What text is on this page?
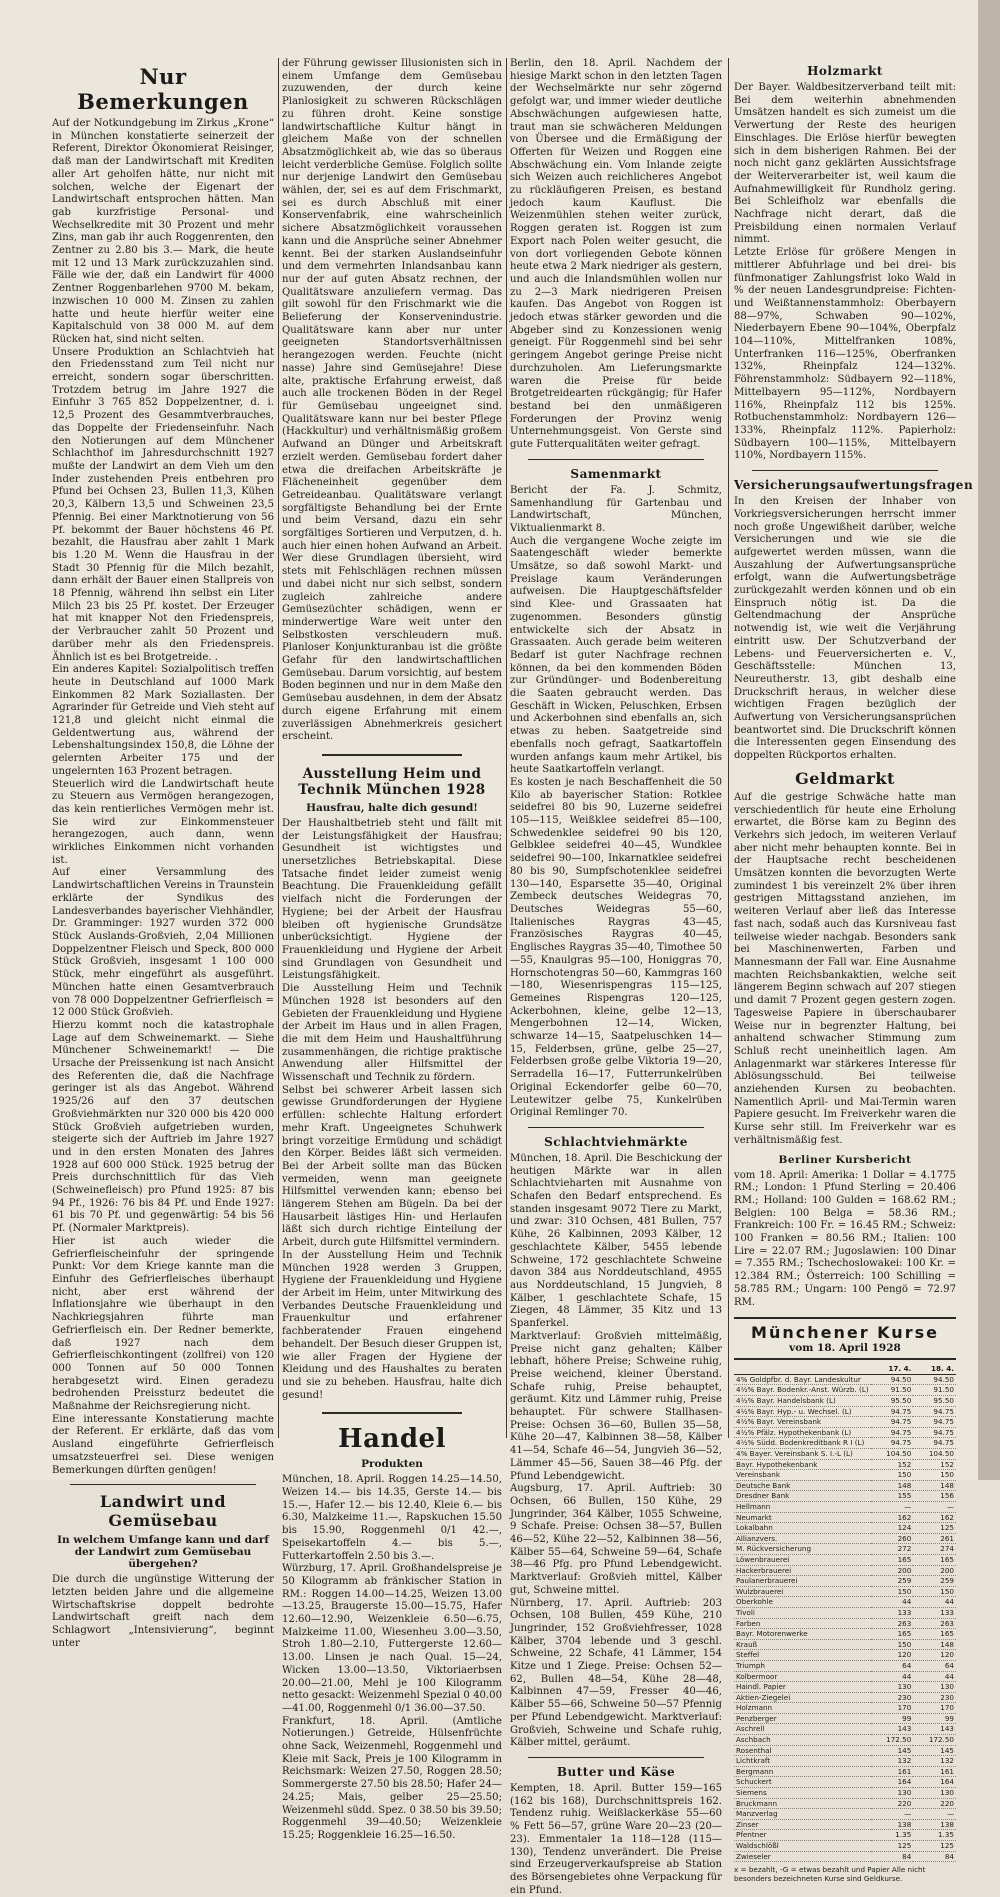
Nur Bemerkungen
Auf der Notkundgebung im Zirkus „Krone“ in München konstatierte seinerzeit der Referent, Direktor Ökonomierat Reisinger, daß man der Landwirtschaft mit Krediten aller Art geholfen hätte, nur nicht mit solchen, welche der Eigenart der Landwirtschaft entsprochen hätten. Man gab kurzfristige Personal- und Wechselkredite mit 30 Prozent und mehr Zins, man gab ihr auch Roggenrenten, den Zentner zu 2.80 bis 3.— Mark, die heute mit 12 und 13 Mark zurückzuzahlen sind. Fälle wie der, daß ein Landwirt für 4000 Zentner Roggenbarlehen 9700 M. bekam, inzwischen 10 000 M. Zinsen zu zahlen hatte und heute hierfür weiter eine Kapitalschuld von 38 000 M. auf dem Rücken hat, sind nicht selten.
Unsere Produktion an Schlachtvieh hat den Friedensstand zum Teil nicht nur erreicht, sondern sogar überschritten. Trotzdem betrug im Jahre 1927 die Einfuhr 3 765 852 Doppelzentner, d. i. 12,5 Prozent des Gesammtverbrauches, das Doppelte der Friedenseinfuhr. Nach den Notierungen auf dem Münchener Schlachthof im Jahresdurchschnitt 1927 mußte der Landwirt an dem Vieh um den Inder zustehenden Preis entbehren pro Pfund bei Ochsen 23, Bullen 11,3, Kühen 20,3, Kälbern 13,5 und Schweinen 23,5 Pfennig. Bei einer Marktnotierung von 56 Pf. bekommt der Bauer höchstens 46 Pf. bezahlt, die Hausfrau aber zahlt 1 Mark bis 1.20 M. Wenn die Hausfrau in der Stadt 30 Pfennig für die Milch bezahlt, dann erhält der Bauer einen Stallpreis von 18 Pfennig, während ihn selbst ein Liter Milch 23 bis 25 Pf. kostet. Der Erzeuger hat mit knapper Not den Friedenspreis, der Verbraucher zahlt 50 Prozent und darüber mehr als den Friedenspreis. Ähnlich ist es bei Brotgetreide. .
Ein anderes Kapitel: Sozialpolitisch treffen heute in Deutschland auf 1000 Mark Einkommen 82 Mark Soziallasten. Der Agrarinder für Getreide und Vieh steht auf 121,8 und gleicht nicht einmal die Geldentwertung aus, während der Lebenshaltungsindex 150,8, die Löhne der gelernten Arbeiter 175 und der ungelernten 163 Prozent betragen.
Steuerlich wird die Landwirtschaft heute zu Steuern aus Vermögen herangezogen, das kein rentierliches Vermögen mehr ist. Sie wird zur Einkommensteuer herangezogen, auch dann, wenn wirkliches Einkommen nicht vorhanden ist.
Auf einer Versammlung des Landwirtschaftlichen Vereins in Traunstein erklärte der Syndikus des Landesverbandes bayerischer Viehhändler, Dr. Gramminger: 1927 wurden 372 000 Stück Auslands-Großvieh, 2,04 Millionen Doppelzentner Fleisch und Speck, 800 000 Stück Großvieh, insgesamt 1 100 000 Stück, mehr eingeführt als ausgeführt. München hatte einen Gesamtverbrauch von 78 000 Doppelzentner Gefrierfleisch = 12 000 Stück Großvieh.
Hierzu kommt noch die katastrophale Lage auf dem Schweinemarkt. — Siehe Münchener Schweinemarkt! — Die Ursache der Preissenkung ist nach Ansicht des Referenten die, daß die Nachfrage geringer ist als das Angebot. Während 1925/26 auf den 37 deutschen Großviehmärkten nur 320 000 bis 420 000 Stück Großvieh aufgetrieben wurden, steigerte sich der Auftrieb im Jahre 1927 und in den ersten Monaten des Jahres 1928 auf 600 000 Stück. 1925 betrug der Preis durchschnittlich für das Vieh (Schweinefleisch) pro Pfund 1925: 87 bis 94 Pf., 1926: 76 bis 84 Pf. und Ende 1927: 61 bis 70 Pf. und gegenwärtig: 54 bis 56 Pf. (Normaler Marktpreis).
Hier ist auch wieder die Gefrierfleischeinfuhr der springende Punkt: Vor dem Kriege kannte man die Einfuhr des Gefrierfleisches überhaupt nicht, aber erst während der Inflationsjahre wie überhaupt in den Nachkriegsjahren führte man Gefrierfleisch ein. Der Redner bemerkte, daß 1927 nach dem Gefrierfleischkontingent (zollfrei) von 120 000 Tonnen auf 50 000 Tonnen herabgesetzt wird. Einen geradezu bedrohenden Preissturz bedeutet die Maßnahme der Reichsregierung nicht.
Eine interessante Konstatierung machte der Referent. Er erklärte, daß das vom Ausland eingeführte Gefrierfleisch umsatzsteuerfrei sei. Diese wenigen Bemerkungen dürften genügen!
Landwirt und Gemüsebau
In welchem Umfange kann und darf der Landwirt zum Gemüsebau übergehen?
Die durch die ungünstige Witterung der letzten beiden Jahre und die allgemeine Wirtschaftskrise doppelt bedrohte Landwirtschaft greift nach dem Schlagwort „Intensivierung“, beginnt unter
der Führung gewisser Illusionisten sich in einem Umfange dem Gemüsebau zuzuwenden, der durch keine Planlosigkeit zu schweren Rückschlägen zu führen droht. Keine sonstige landwirtschaftliche Kultur hängt in gleichem Maße von der schnellen Absatzmöglichkeit ab, wie das so überaus leicht verderbliche Gemüse. Folglich sollte nur derjenige Landwirt den Gemüsebau wählen, der, sei es auf dem Frischmarkt, sei es durch Abschluß mit einer Konservenfabrik, eine wahrscheinlich sichere Absatzmöglichkeit voraussehen kann und die Ansprüche seiner Abnehmer kennt. Bei der starken Auslandseinfuhr und dem vermehrten Inlandsanbau kann nur der auf guten Absatz rechnen, der Qualitätsware anzuliefern vermag. Das gilt sowohl für den Frischmarkt wie die Belieferung der Konservenindustrie. Qualitätsware kann aber nur unter geeigneten Standortsverhältnissen herangezogen werden. Feuchte (nicht nasse) Jahre sind Gemüsejahre! Diese alte, praktische Erfahrung erweist, daß auch alle trockenen Böden in der Regel für Gemüsebau ungeeignet sind. Qualitätsware kann nur bei bester Pflege (Hackkultur) und verhältnismäßig großem Aufwand an Dünger und Arbeitskraft erzielt werden. Gemüsebau fordert daher etwa die dreifachen Arbeitskräfte je Flächeneinheit gegenüber dem Getreideanbau. Qualitätsware verlangt sorgfältigste Behandlung bei der Ernte und beim Versand, dazu ein sehr sorgfältiges Sortieren und Verputzen, d. h. auch hier einen hohen Aufwand an Arbeit. Wer diese Grundlagen übersieht, wird stets mit Fehlschlägen rechnen müssen und dabei nicht nur sich selbst, sondern zugleich zahlreiche andere Gemüsezüchter schädigen, wenn er minderwertige Ware weit unter den Selbstkosten verschleudern muß. Planloser Konjunkturanbau ist die größte Gefahr für den landwirtschaftlichen Gemüsebau. Darum vorsichtig, auf bestem Boden beginnen und nur in dem Maße den Gemüsebau ausdehnen, in dem der Absatz durch eigene Erfahrung mit einem zuverlässigen Abnehmerkreis gesichert erscheint.
Ausstellung Heim und Technik München 1928
Hausfrau, halte dich gesund!
Der Haushaltbetrieb steht und fällt mit der Leistungsfähigkeit der Hausfrau; Gesundheit ist wichtigstes und unersetzliches Betriebskapital. Diese Tatsache findet leider zumeist wenig Beachtung. Die Frauenkleidung gefällt vielfach nicht die Forderungen der Hygiene; bei der Arbeit der Hausfrau bleiben oft hygienische Grundsätze unberücksichtigt. Hygiene der Frauenkleidung und Hygiene der Arbeit sind Grundlagen von Gesundheit und Leistungsfähigkeit.
Die Ausstellung Heim und Technik München 1928 ist besonders auf den Gebieten der Frauenkleidung und Hygiene der Arbeit im Haus und in allen Fragen, die mit dem Heim und Haushaltführung zusammenhängen, die richtige praktische Anwendung aller Hilfsmittel der Wissenschaft und Technik zu fördern.
Selbst bei schwerer Arbeit lassen sich gewisse Grundforderungen der Hygiene erfüllen: schlechte Haltung erfordert mehr Kraft. Ungeeignetes Schuhwerk bringt vorzeitige Ermüdung und schädigt den Körper. Beides läßt sich vermeiden. Bei der Arbeit sollte man das Bücken vermeiden, wenn man geeignete Hilfsmittel verwenden kann; ebenso bei längerem Stehen am Bügeln. Da bei der Hausarbeit lästiges Hin- und Herlaufen läßt sich durch richtige Einteilung der Arbeit, durch gute Hilfsmittel vermindern.
In der Ausstellung Heim und Technik München 1928 werden 3 Gruppen, Hygiene der Frauenkleidung und Hygiene der Arbeit im Heim, unter Mitwirkung des Verbandes Deutsche Frauenkleidung und Frauenkultur und erfahrener fachberatender Frauen eingehend behandelt. Der Besuch dieser Gruppen ist, wie aller Fragen der Hygiene der Kleidung und des Haushaltes zu beraten und sie zu beheben. Hausfrau, halte dich gesund!
Handel
Produkten
München, 18. April. Roggen 14.25—14.50, Weizen 14.— bis 14.35, Gerste 14.— bis 15.—, Hafer 12.— bis 12.40, Kleie 6.— bis 6.30, Malzkeime 11.—, Rapskuchen 15.50 bis 15.90, Roggenmehl 0/1 42.—, Speisekartoffeln 4.— bis 5.—, Futterkartoffeln 2.50 bis 3.—.
Würzburg, 17. April. Großhandelspreise je 50 Kilogramm ab fränkischer Station in RM.: Roggen 14.00—14.25, Weizen 13.00—13.25, Braugerste 15.00—15.75, Hafer 12.60—12.90, Weizenkleie 6.50—6.75, Malzkeime 11.00, Wiesenheu 3.00—3.50, Stroh 1.80—2.10, Futtergerste 12.60—13.00. Linsen je nach Qual. 15—24, Wicken 13.00—13.50, Viktoriaerbsen 20.00—21.00, Mehl je 100 Kilogramm netto gesackt: Weizenmehl Spezial 0 40.00—41.00, Roggenmehl 0/1 36.00—37.50.
Frankfurt, 18. April. (Amtliche Notierungen.) Getreide, Hülsenfrüchte ohne Sack, Weizenmehl, Roggenmehl und Kleie mit Sack, Preis je 100 Kilogramm in Reichsmark: Weizen 27.50, Roggen 28.50; Sommergerste 27.50 bis 28.50; Hafer 24—24.25; Mais, gelber 25—25.50; Weizenmehl südd. Spez. 0 38.50 bis 39.50; Roggenmehl 39—40.50; Weizenkleie 15.25; Roggenkleie 16.25—16.50.
Berlin, den 18. April. Nachdem der hiesige Markt schon in den letzten Tagen der Wechselmärkte nur sehr zögernd gefolgt war, und immer wieder deutliche Abschwächungen aufgewiesen hatte, traut man sie schwächeren Meldungen von Übersee und die Ermäßigung der Offerten für Weizen und Roggen eine Abschwächung ein. Vom Inlande zeigte sich Weizen auch reichlicheres Angebot zu rückläufigeren Preisen, es bestand jedoch kaum Kauflust. Die Weizenmühlen stehen weiter zurück, Roggen geraten ist. Roggen ist zum Export nach Polen weiter gesucht, die von dort vorliegenden Gebote können heute etwa 2 Mark niedriger als gestern, und auch die Inlandsmühlen wollen nur zu 2—3 Mark niedrigeren Preisen kaufen. Das Angebot von Roggen ist jedoch etwas stärker geworden und die Abgeber sind zu Konzessionen wenig geneigt. Für Roggenmehl sind bei sehr geringem Angebot geringe Preise nicht durchzuholen. Am Lieferungsmarkte waren die Preise für beide Brotgetreidearten rückgängig; für Hafer bestand bei den unmäßigeren Forderungen der Provinz wenig Unternehmungsgeist. Von Gerste sind gute Futterqualitäten weiter gefragt.
Samenmarkt
Bericht der Fa. J. Schmitz, Samenhandlung für Gartenbau und Landwirtschaft, München, Viktualienmarkt 8.
Auch die vergangene Woche zeigte im Saatengeschäft wieder bemerkte Umsätze, so daß sowohl Markt- und Preislage kaum Veränderungen aufweisen. Die Hauptgeschäftsfelder sind Klee- und Grassaaten hat zugenommen. Besonders günstig entwickelte sich der Absatz in Grassaaten. Auch gerade beim weiteren Bedarf ist guter Nachfrage rechnen können, da bei den kommenden Böden zur Gründünger- und Bodenbereitung die Saaten gebraucht werden. Das Geschäft in Wicken, Peluschken, Erbsen und Ackerbohnen sind ebenfalls an, sich etwas zu heben. Saatgetreide sind ebenfalls noch gefragt, Saatkartoffeln wurden anfangs kaum mehr Artikel, bis heute Saatkartoffeln verlangt.
Es kosten je nach Beschaffenheit die 50 Kilo ab bayerischer Station: Rotklee seidefrei 80 bis 90, Luzerne seidefrei 105—115, Weißklee seidefrei 85—100, Schwedenklee seidefrei 90 bis 120, Gelbklee seidefrei 40—45, Wundklee seidefrei 90—100, Inkarnatklee seidefrei 80 bis 90, Sumpfschotenklee seidefrei 130—140, Esparsette 35—40, Original Zembeck deutsches Weidegras 70, Deutsches Weidegras 55—60, Italienisches Raygras 43—45, Französisches Raygras 40—45, Englisches Raygras 35—40, Timothee 50—55, Knaulgras 95—100, Honiggras 70, Hornschotengras 50—60, Kammgras 160—180, Wiesenrispengras 115—125, Gemeines Rispengras 120—125, Ackerbohnen, kleine, gelbe 12—13, Mengerbohnen 12—14, Wicken, schwarze 14—15, Saatpeluschken 14—15, Felderbsen, grüne, gelbe 25—27, Felderbsen große gelbe Viktoria 19—20, Serradella 16—17, Futterrunkelrüben Original Eckendorfer gelbe 60—70, Leutewitzer gelbe 75, Kunkelrüben Original Remlinger 70.
Schlachtviehmärkte
München, 18. April. Die Beschickung der heutigen Märkte war in allen Schlachtvieharten mit Ausnahme von Schafen den Bedarf entsprechend. Es standen insgesamt 9072 Tiere zu Markt, und zwar: 310 Ochsen, 481 Bullen, 757 Kühe, 26 Kalbinnen, 2093 Kälber, 12 geschlachtete Kälber, 5455 lebende Schweine, 172 geschlachtete Schweine davon 384 aus Norddeutschland, 4955 aus Norddeutschland, 15 Jungvieh, 8 Kälber, 1 geschlachtete Schafe, 15 Ziegen, 48 Lämmer, 35 Kitz und 13 Spanferkel.
Marktverlauf: Großvieh mittelmäßig, Preise nicht ganz gehalten; Kälber lebhaft, höhere Preise; Schweine ruhig, Preise weichend, kleiner Überstand. Schafe ruhig, Preise behauptet, geräumt. Kitz und Lämmer ruhig, Preise behauptet. Für schwere Stallhasen-Preise: Ochsen 36—60, Bullen 35—58, Kühe 20—47, Kalbinnen 38—58, Kälber 41—54, Schafe 46—54, Jungvieh 36—52, Lämmer 45—56, Sauen 38—46 Pfg. der Pfund Lebendgewicht.
Augsburg, 17. April. Auftrieb: 30 Ochsen, 66 Bullen, 150 Kühe, 29 Jungrinder, 364 Kälber, 1055 Schweine, 9 Schafe. Preise: Ochsen 38—57, Bullen 46—52, Kühe 22—52, Kalbinnen 38—56, Kälber 55—64, Schweine 59—64, Schafe 38—46 Pfg. pro Pfund Lebendgewicht. Marktverlauf: Großvieh mittel, Kälber gut, Schweine mittel.
Nürnberg, 17. April. Auftrieb: 203 Ochsen, 108 Bullen, 459 Kühe, 210 Jungrinder, 152 Großviehfresser, 1028 Kälber, 3704 lebende und 3 geschl. Schweine, 22 Schafe, 41 Lämmer, 154 Kitze und 1 Ziege. Preise: Ochsen 52—62, Bullen 48—54, Kühe 28—48, Kalbinnen 47—59, Fresser 40—46, Kälber 55—66, Schweine 50—57 Pfennig per Pfund Lebendgewicht. Marktverlauf: Großvieh, Schweine und Schafe ruhig, Kälber mittel, geräumt.
Butter und Käse
Kempten, 18. April. Butter 159—165 (162 bis 168), Durchschnittspreis 162. Tendenz ruhig. Weißlackerkäse 55—60 % Fett 56—57, grüne Ware 20—23 (20—23). Emmentaler 1a 118—128 (115—130), Tendenz unverändert. Die Preise sind Erzeugerverkaufspreise ab Station des Börsengebietes ohne Verpackung für ein Pfund.
Holzmarkt
Der Bayer. Waldbesitzerverband teilt mit: Bei dem weiterhin abnehmenden Umsätzen handelt es sich zumeist um die Verwertung der Reste des heurigen Einschlages. Die Erlöse hierfür bewegten sich in dem bisherigen Rahmen. Bei der noch nicht ganz geklärten Aussichtsfrage der Weiterverarbeiter ist, weil kaum die Aufnahmewilligkeit für Rundholz gering. Bei Schleifholz war ebenfalls die Nachfrage nicht derart, daß die Preisbildung einen normalen Verlauf nimmt.
Letzte Erlöse für größere Mengen in mittlerer Abfuhrlage und bei drei- bis fünfmonatiger Zahlungsfrist loko Wald in % der neuen Landesgrundpreise: Fichten- und Weißtannenstammholz: Oberbayern 88—97%, Schwaben 90—102%, Niederbayern Ebene 90—104%, Oberpfalz 104—110%, Mittelfranken 108%, Unterfranken 116—125%, Oberfranken 132%, Rheinpfalz 124—132%. Föhrenstammholz: Südbayern 92—118%, Mittelbayern 95—112%, Nordbayern 116%, Rheinpfalz 112 bis 125%. Rotbuchenstammholz: Nordbayern 126—133%, Rheinpfalz 112%. Papierholz: Südbayern 100—115%, Mittelbayern 110%, Nordbayern 115%.
Versicherungsaufwertungsfragen
In den Kreisen der Inhaber von Vorkriegsversicherungen herrscht immer noch große Ungewißheit darüber, welche Versicherungen und wie sie die aufgewertet werden müssen, wann die Auszahlung der Aufwertungsansprüche erfolgt, wann die Aufwertungsbeträge zurückgezahlt werden können und ob ein Einspruch nötig ist. Da die Geltendmachung der Ansprüche notwendig ist, wie weit die Verjährung eintritt usw. Der Schutzverband der Lebens- und Feuerversicherten e. V., Geschäftsstelle: München 13, Neureutherstr. 13, gibt deshalb eine Druckschrift heraus, in welcher diese wichtigen Fragen bezüglich der Aufwertung von Versicherungsansprüchen beantwortet sind. Die Druckschrift können die Interessenten gegen Einsendung des doppelten Rückportos erhalten.
Geldmarkt
Auf die gestrige Schwäche hatte man verschiedentlich für heute eine Erholung erwartet, die Börse kam zu Beginn des Verkehrs sich jedoch, im weiteren Verlauf aber nicht mehr behaupten konnte. Bei in der Hauptsache recht bescheidenen Umsätzen konnten die bevorzugten Werte zumindest 1 bis vereinzelt 2% über ihren gestrigen Mittagsstand anziehen, im weiteren Verlauf aber ließ das Interesse fast nach, sodaß auch das Kursniveau fast teilweise wieder nachgab. Besonders sank bei Maschinenwerten, Farben und Mannesmann der Fall war. Eine Ausnahme machten Reichsbankaktien, welche seit längerem Beginn schwach auf 207 stiegen und damit 7 Prozent gegen gestern zogen. Tagesweise Papiere in überschaubarer Weise nur in begrenzter Haltung, bei anhaltend schwacher Stimmung zum Schluß recht uneinheitlich lagen. Am Anlagenmarkt war stärkeres Interesse für Ablösungsschuld. Bei teilweise anziehenden Kursen zu beobachten. Namentlich April- und Mai-Termin waren Papiere gesucht. Im Freiverkehr waren die Kurse sehr still. Im Freiverkehr war es verhältnismäßig fest.
Berliner Kursbericht
vom 18. April: Amerika: 1 Dollar = 4.1775 RM.; London: 1 Pfund Sterling = 20.406 RM.; Holland: 100 Gulden = 168.62 RM.; Belgien: 100 Belga = 58.36 RM.; Frankreich: 100 Fr. = 16.45 RM.; Schweiz: 100 Franken = 80.56 RM.; Italien: 100 Lire = 22.07 RM.; Jugoslawien: 100 Dinar = 7.355 RM.; Tschechoslowakei: 100 Kr. = 12.384 RM.; Österreich: 100 Schilling = 58.785 RM.; Ungarn: 100 Pengö = 72.97 RM.
Münchener Kurse
vom 18. April 1928
	17. 4.	18. 4.
4% Goldpfbr. d. Bayr. Landeskultur	94.50	94.50
4½% Bayr. Bodenkr.-Anst. Würzb. (L)	91.50	91.50
4½% Bayr. Handelsbank (L)	95.50	95.50
4½% Bayr. Hyp.- u. Wechsel. (L)	94.75	94.75
4½% Bayr. Vereinsbank	94.75	94.75
4½% Pfälz. Hypothekenbank (L)	94.75	94.75
4½% Südd. Bodenkreditbank R I (L)	94.75	94.75
4% Bayer. Vereinsbank S. I.-L (L)	104.50	104.50
Bayr. Hypothekenbank	152	152
Vereinsbank	150	150
Deutsche Bank	148	148
Dresdner Bank	155	156
Hellmann	—	—
Neumarkt	162	162
Lokalbahn	124	125
Allianzvers.	260	261
M. Rückversicherung	272	274
Löwenbrauerei	165	165
Hackerbrauerei	200	200
Paulanerbrauerei	259	259
Wulzbrauerei	150	150
Oberkohle	44	44
Tivoli	133	133
Farben	263	263
Bayr. Motorenwerke	165	165
Krauß	150	148
Steffel	120	120
Triumph	64	64
Kolbermoor	44	44
Haindl. Papier	130	130
Aktien-Ziegelei	230	230
Holzmann	170	170
Penzberger	99	99
Aschrell	143	143
Aschbach	172.50	172.50
Rosenthal	145	145
Lichtkraft	132	132
Bergmann	161	161
Schuckert	164	164
Siemens	130	130
Bruckmann	220	220
Manzverlag	—	—
Zinser	138	138
Pfentner	1.35	1.35
Waldschlößl	125	125
Zwieseler	84	84
x = bezahlt, -G = etwas bezahlt und Papier Alle nicht besonders bezeichneten Kurse sind Geldkurse.
